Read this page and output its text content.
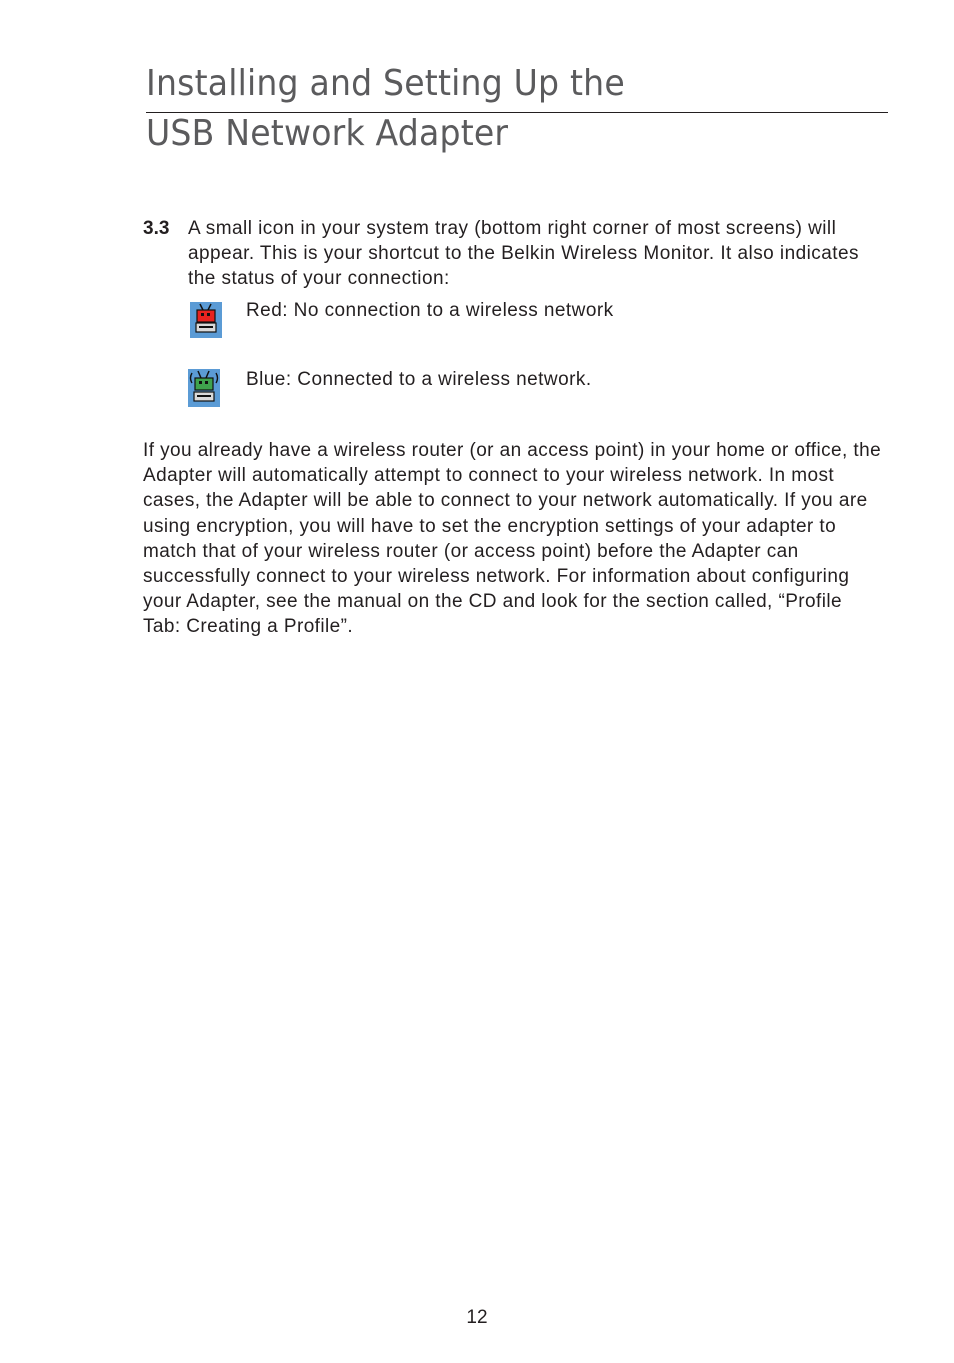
Installing and Setting Up the
USB Network Adapter
3.3 A small icon in your system tray (bottom right corner of most screens) will appear. This is your shortcut to the Belkin Wireless Monitor. It also indicates the status of your connection:
Red: No connection to a wireless network
Blue: Connected to a wireless network.
If you already have a wireless router (or an access point) in your home or office, the Adapter will automatically attempt to connect to your wireless network. In most cases, the Adapter will be able to connect to your network automatically. If you are using encryption, you will have to set the encryption settings of your adapter to match that of your wireless router (or access point) before the Adapter can successfully connect to your wireless network. For information about configuring your Adapter, see the manual on the CD and look for the section called, “Profile Tab: Creating a Profile”.
12
